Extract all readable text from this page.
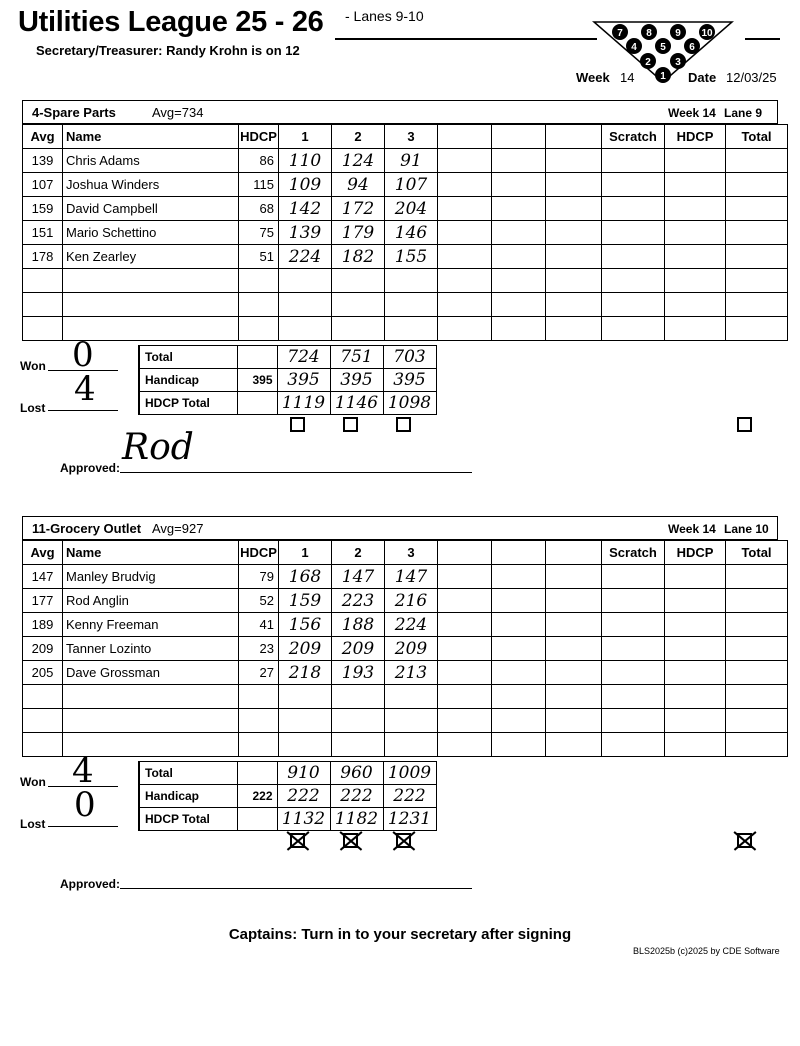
Utilities League 25 - 26 - Lanes 9-10
Secretary/Treasurer: Randy Krohn is on 12
7 8 9 10
4 5 6
2 3
1
Week 14	Date 12/03/25
4-Spare Parts	Avg=734	Week 14 Lane 9
Avg	Name	HDCP	1	2	3				Scratch	HDCP	Total
139	Chris Adams	86	110	124	91						
107	Joshua Winders	115	109	94	107						
159	David Campbell	68	142	172	204						
151	Mario Schettino	75	139	179	146						
178	Ken Zearley	51	224	182	155						

Total		724	751	703
Handicap	395	395	395	395
HDCP Total		1119	1146	1098
Won 0
Lost 4
Approved: Rod
11-Grocery Outlet Avg=927	Week 14 Lane 10
Avg	Name	HDCP	1	2	3				Scratch	HDCP	Total
147	Manley Brudvig	79	168	147	147						
177	Rod Anglin	52	159	223	216						
189	Kenny Freeman	41	156	188	224						
209	Tanner Lozinto	23	209	209	209						
205	Dave Grossman	27	218	193	213						

Total		910	960	1009
Handicap	222	222	222	222
HDCP Total		1132	1182	1231
Won 4
Lost 0
Approved:
Captains: Turn in to your secretary after signing
BLS2025b (c)2025 by CDE Software
